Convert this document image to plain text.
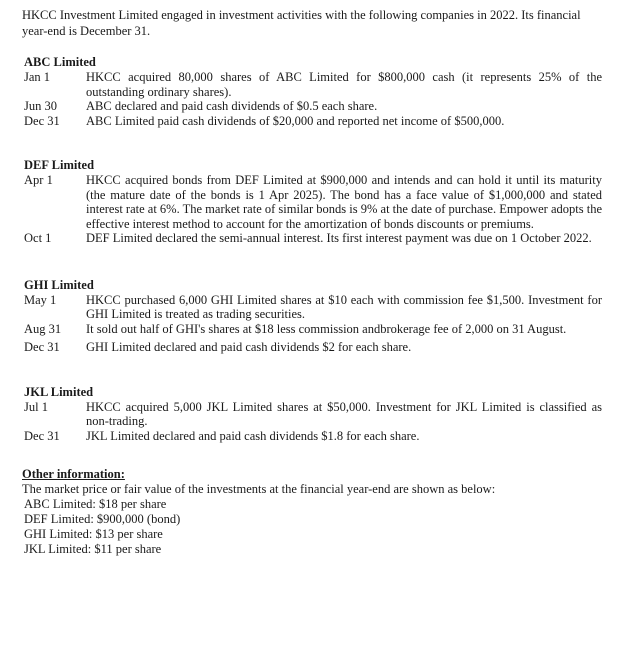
HKCC Investment Limited engaged in investment activities with the following companies in 2022. Its financial year-end is December 31.

ABC Limited
Jan 1	HKCC acquired 80,000 shares of ABC Limited for $800,000 cash (it represents 25% of the outstanding ordinary shares).
Jun 30	ABC declared and paid cash dividends of $0.5 each share.
Dec 31	ABC Limited paid cash dividends of $20,000 and reported net income of $500,000.
DEF Limited
Apr 1	HKCC acquired bonds from DEF Limited at $900,000 and intends and can hold it until its maturity (the mature date of the bonds is 1 Apr 2025). The bond has a face value of $1,000,000 and stated interest rate at 6%. The market rate of similar bonds is 9% at the date of purchase. Empower adopts the effective interest method to account for the amortization of bonds discounts or premiums.
Oct 1	DEF Limited declared the semi-annual interest. Its first interest payment was due on 1 October 2022.
GHI Limited
May 1	HKCC purchased 6,000 GHI Limited shares at $10 each with commission fee $1,500. Investment for GHI Limited is treated as trading securities.
Aug 31	It sold out half of GHI's shares at $18 less commission andbrokerage fee of 2,000 on 31 August.
Dec 31	GHI Limited declared and paid cash dividends $2 for each share.
JKL Limited
Jul 1	HKCC acquired 5,000 JKL Limited shares at $50,000. Investment for JKL Limited is classified as non-trading.
Dec 31	JKL Limited declared and paid cash dividends $1.8 for each share.
Other information:
The market price or fair value of the investments at the financial year-end are shown as below:
ABC Limited: $18 per share
DEF Limited: $900,000 (bond)
GHI Limited: $13 per share
JKL Limited: $11 per share
